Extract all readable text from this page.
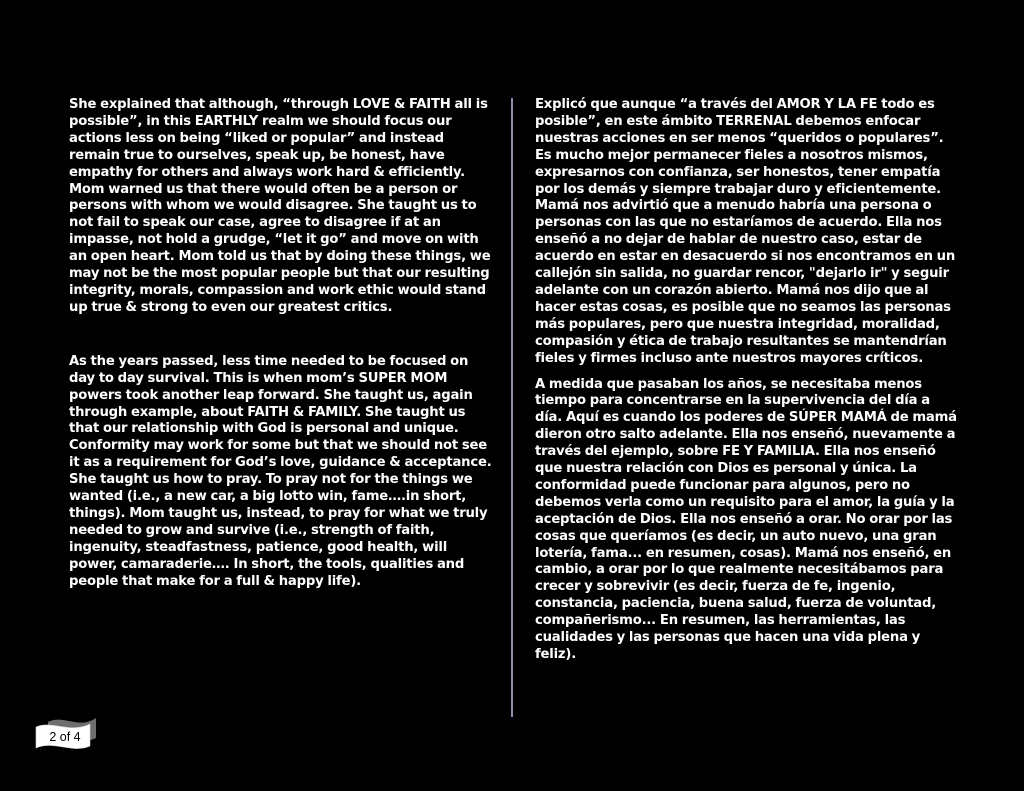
She explained that although, “through LOVE & FAITH all is possible”, in this EARTHLY realm we should focus our actions less on being “liked or popular” and instead remain true to ourselves, speak up, be honest, have empathy for others and always work hard & efficiently. Mom warned us that there would often be a person or persons with whom we would disagree. She taught us to not fail to speak our case, agree to disagree if at an impasse, not hold a grudge, “let it go” and move on with an open heart. Mom told us that by doing these things, we may not be the most popular people but that our resulting integrity, morals, compassion and work ethic would stand up true & strong to even our greatest critics.

As the years passed, less time needed to be focused on day to day survival. This is when mom’s SUPER MOM powers took another leap forward. She taught us, again through example, about FAITH & FAMILY. She taught us that our relationship with God is personal and unique. Conformity may work for some but that we should not see it as a requirement for God’s love, guidance & acceptance. She taught us how to pray. To pray not for the things we wanted (i.e., a new car, a big lotto win, fame….in short, things). Mom taught us, instead, to pray for what we truly needed to grow and survive (i.e., strength of faith, ingenuity, steadfastness, patience, good health, will power, camaraderie…. In short, the tools, qualities and people that make for a full & happy life).

Explicó que aunque “a través del AMOR Y LA FE todo es posible”, en este ámbito TERRENAL debemos enfocar nuestras acciones en ser menos “queridos o populares”. Es mucho mejor permanecer fieles a nosotros mismos, expresarnos con confianza, ser honestos, tener empatía por los demás y siempre trabajar duro y eficientemente. Mamá nos advirtió que a menudo habría una persona o personas con las que no estaríamos de acuerdo. Ella nos enseñó a no dejar de hablar de nuestro caso, estar de acuerdo en estar en desacuerdo si nos encontramos en un callejón sin salida, no guardar rencor, "dejarlo ir" y seguir adelante con un corazón abierto. Mamá nos dijo que al hacer estas cosas, es posible que no seamos las personas más populares, pero que nuestra integridad, moralidad, compasión y ética de trabajo resultantes se mantendrían fieles y firmes incluso ante nuestros mayores críticos.

A medida que pasaban los años, se necesitaba menos tiempo para concentrarse en la supervivencia del día a día. Aquí es cuando los poderes de SÚPER MAMÁ de mamá dieron otro salto adelante. Ella nos enseñó, nuevamente a través del ejemplo, sobre FE Y FAMILIA. Ella nos enseñó que nuestra relación con Dios es personal y única. La conformidad puede funcionar para algunos, pero no debemos verla como un requisito para el amor, la guía y la aceptación de Dios. Ella nos enseñó a orar. No orar por las cosas que queríamos (es decir, un auto nuevo, una gran lotería, fama... en resumen, cosas). Mamá nos enseñó, en cambio, a orar por lo que realmente necesitábamos para crecer y sobrevivir (es decir, fuerza de fe, ingenio, constancia, paciencia, buena salud, fuerza de voluntad, compañerismo... En resumen, las herramientas, las cualidades y las personas que hacen una vida plena y feliz).

2 of 4
